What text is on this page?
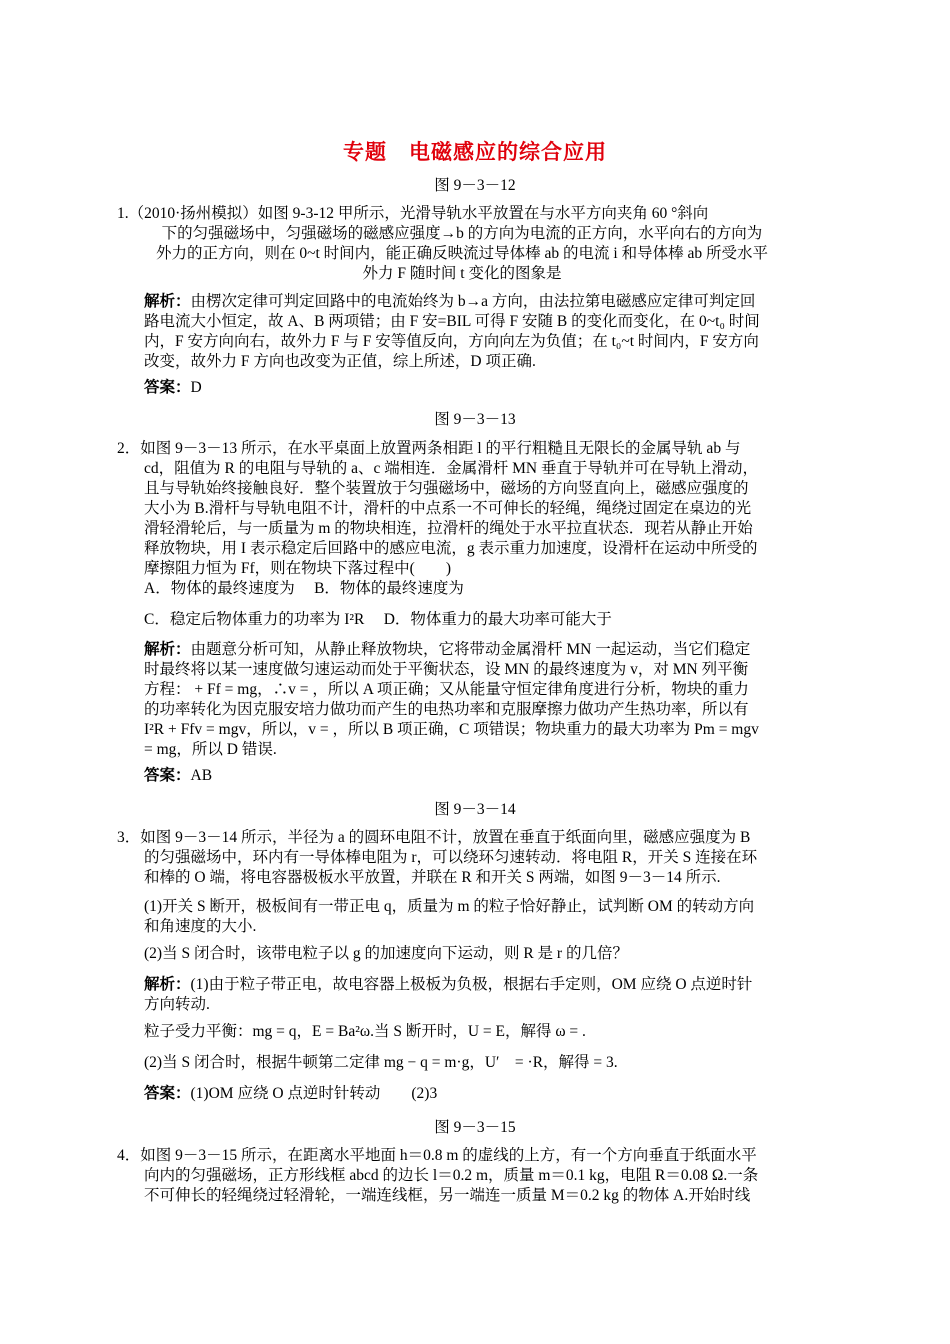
专题　电磁感应的综合应用
图 9－3－12
1.（2010·扬州模拟）如图 9-3-12 甲所示，光滑导轨水平放置在与水平方向夹角 60 °斜向
下的匀强磁场中，匀强磁场的磁感应强度→b 的方向为电流的正方向，水平向右的方向为
外力的正方向，则在 0~t 时间内，能正确反映流过导体棒 ab 的电流 i 和导体棒 ab 所受水平
外力 F 随时间 t 变化的图象是
解析：由楞次定律可判定回路中的电流始终为 b→a 方向，由法拉第电磁感应定律可判定回
路电流大小恒定，故 A、B 两项错；由 F 安=BIL 可得 F 安随 B 的变化而变化，在 0~t₀ 时间
内，F 安方向向右，故外力 F 与 F 安等值反向，方向向左为负值；在 t₀~t 时间内，F 安方向
改变，故外力 F 方向也改变为正值，综上所述，D 项正确.
答案：D
图 9－3－13
2．如图 9－3－13 所示，在水平桌面上放置两条相距 l 的平行粗糙且无限长的金属导轨 ab 与
cd，阻值为 R 的电阻与导轨的 a、c 端相连．金属滑杆 MN 垂直于导轨并可在导轨上滑动，
且与导轨始终接触良好．整个装置放于匀强磁场中，磁场的方向竖直向上，磁感应强度的
大小为 B.滑杆与导轨电阻不计，滑杆的中点系一不可伸长的轻绳，绳绕过固定在桌边的光
滑轻滑轮后，与一质量为 m 的物块相连，拉滑杆的绳处于水平拉直状态．现若从静止开始
释放物块，用 I 表示稳定后回路中的感应电流，g 表示重力加速度，设滑杆在运动中所受的
摩擦阻力恒为 Ff，则在物块下落过程中(　　)
A．物体的最终速度为　 B．物体的最终速度为
C．稳定后物体重力的功率为 I²R　 D．物体重力的最大功率可能大于
解析：由题意分析可知，从静止释放物块，它将带动金属滑杆 MN 一起运动，当它们稳定
时最终将以某一速度做匀速运动而处于平衡状态，设 MN 的最终速度为 v，对 MN 列平衡
方程： + Ff = mg，∴v = ，所以 A 项正确；又从能量守恒定律角度进行分析，物块的重力
的功率转化为因克服安培力做功而产生的电热功率和克服摩擦力做功产生热功率，所以有
I²R + Ffv = mgv，所以，v = ，所以 B 项正确，C 项错误；物块重力的最大功率为 Pm = mgv
= mg，所以 D 错误.
答案：AB
图 9－3－14
3．如图 9－3－14 所示，半径为 a 的圆环电阻不计，放置在垂直于纸面向里，磁感应强度为 B
的匀强磁场中，环内有一导体棒电阻为 r，可以绕环匀速转动．将电阻 R，开关 S 连接在环
和棒的 O 端，将电容器极板水平放置，并联在 R 和开关 S 两端，如图 9－3－14 所示.
(1)开关 S 断开，极板间有一带正电 q，质量为 m 的粒子恰好静止，试判断 OM 的转动方向
和角速度的大小.
(2)当 S 闭合时，该带电粒子以 g 的加速度向下运动，则 R 是 r 的几倍？
解析：(1)由于粒子带正电，故电容器上极板为负极，根据右手定则，OM 应绕 O 点逆时针
方向转动.
粒子受力平衡：mg = q，E = Ba²ω.当 S 断开时，U = E，解得 ω = .
(2)当 S 闭合时，根据牛顿第二定律 mg − q = m·g，U′　= ·R，解得 = 3.
答案：(1)OM 应绕 O 点逆时针转动　　(2)3
图 9－3－15
4．如图 9－3－15 所示，在距离水平地面 h＝0.8 m 的虚线的上方，有一个方向垂直于纸面水平
向内的匀强磁场，正方形线框 abcd 的边长 l＝0.2 m，质量 m＝0.1 kg，电阻 R＝0.08 Ω.一条
不可伸长的轻绳绕过轻滑轮，一端连线框，另一端连一质量 M＝0.2 kg 的物体 A.开始时线
